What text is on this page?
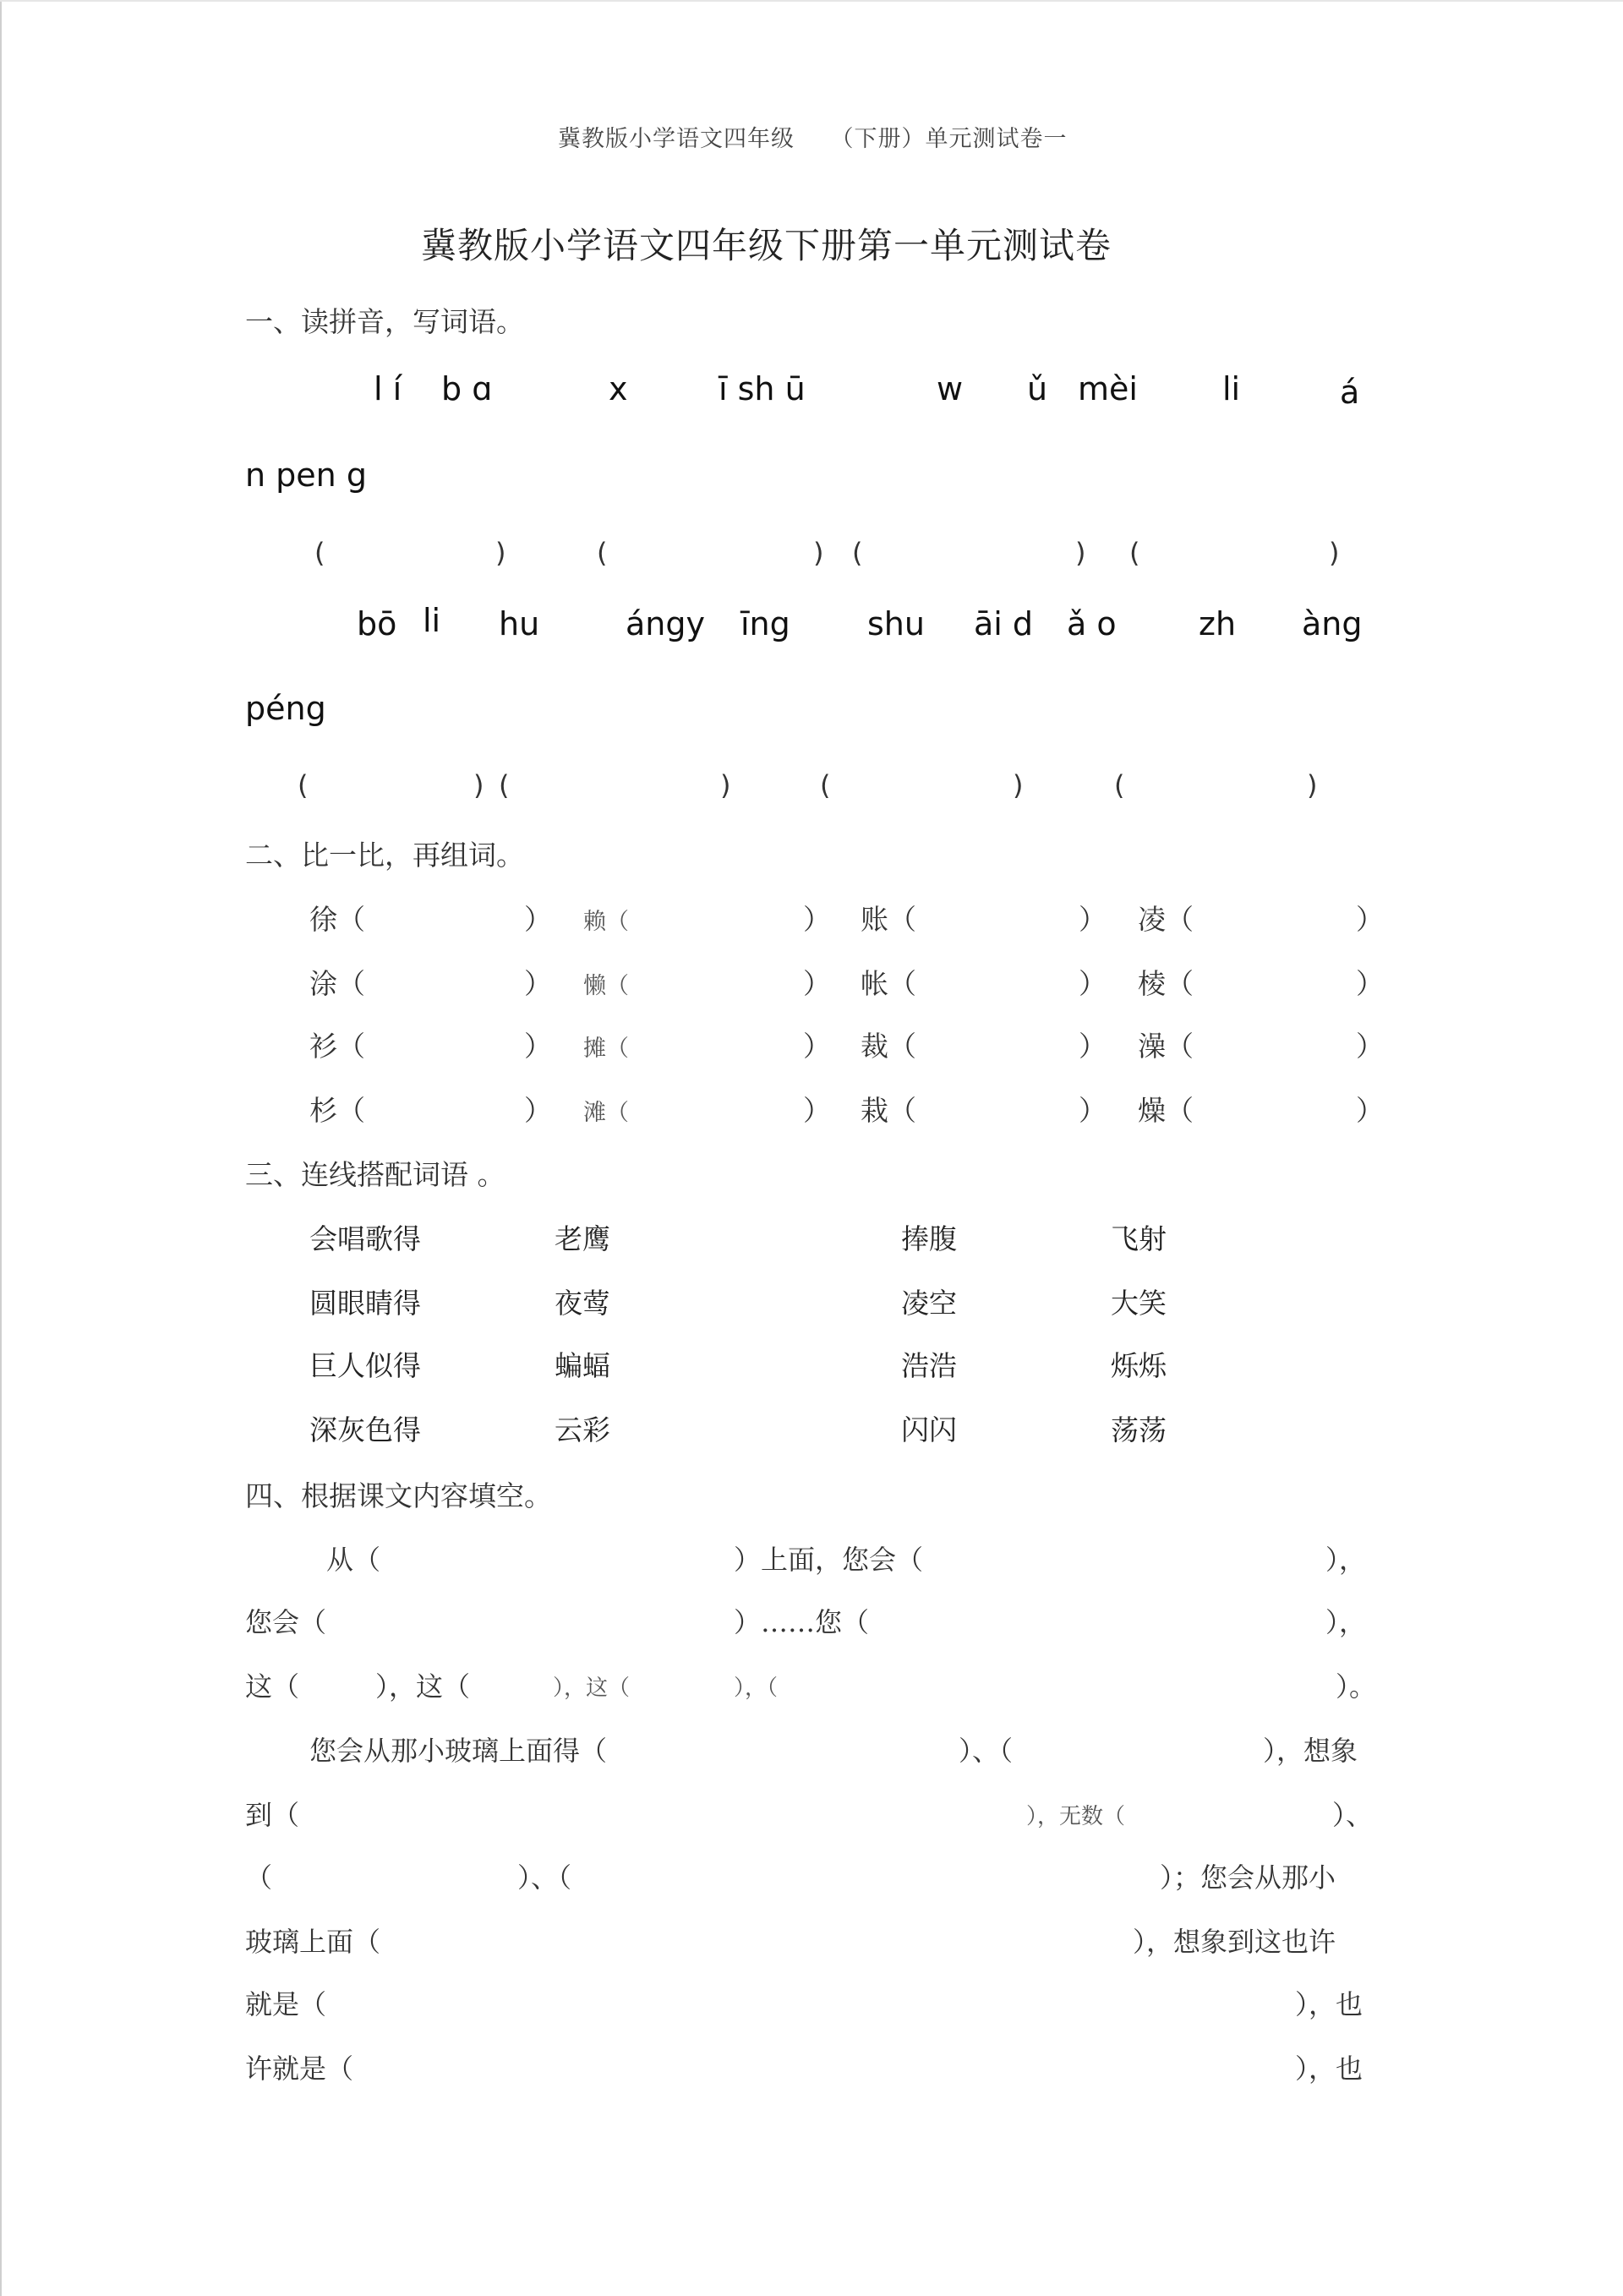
冀教版小学语文四年级　　（下册）单元测试卷一
冀教版小学语文四年级下册第一单元测试卷
一、读拼音，写词语。
l í b ɑ	x	ī sh ū	w ǔ mèi	li	á
n pen g
(	)	(	) (	) (	)
bō li hu	ángy īng shu āi d ǎ o	zh àng
péng
(	) (	)	(	)	(	)
二、比一比，再组词。
徐（	） 赖（	） 账（	） 凌（	）
涂（	） 懒（	） 帐（	） 棱（	）
衫（	） 摊（	） 裁（	） 澡（	）
杉（	） 滩（	） 栽（	） 燥（	）
三、连线搭配词语 。
会唱歌得	老鹰	捧腹	飞射
圆眼睛得	夜莺	凌空	大笑
巨人似得	蝙蝠	浩浩	烁烁
深灰色得	云彩	闪闪	荡荡
四、根据课文内容填空。
从（	）上面，您会（	），
您会（	）……您（	），
这（	），这（	），这（	），（	）。
您会从那小玻璃上面得（	）、（	），想象
到（	），无数（	）、
（	）、（	）；您会从那小
玻璃上面（	），想象到这也许
就是（	），也
许就是（	），也
